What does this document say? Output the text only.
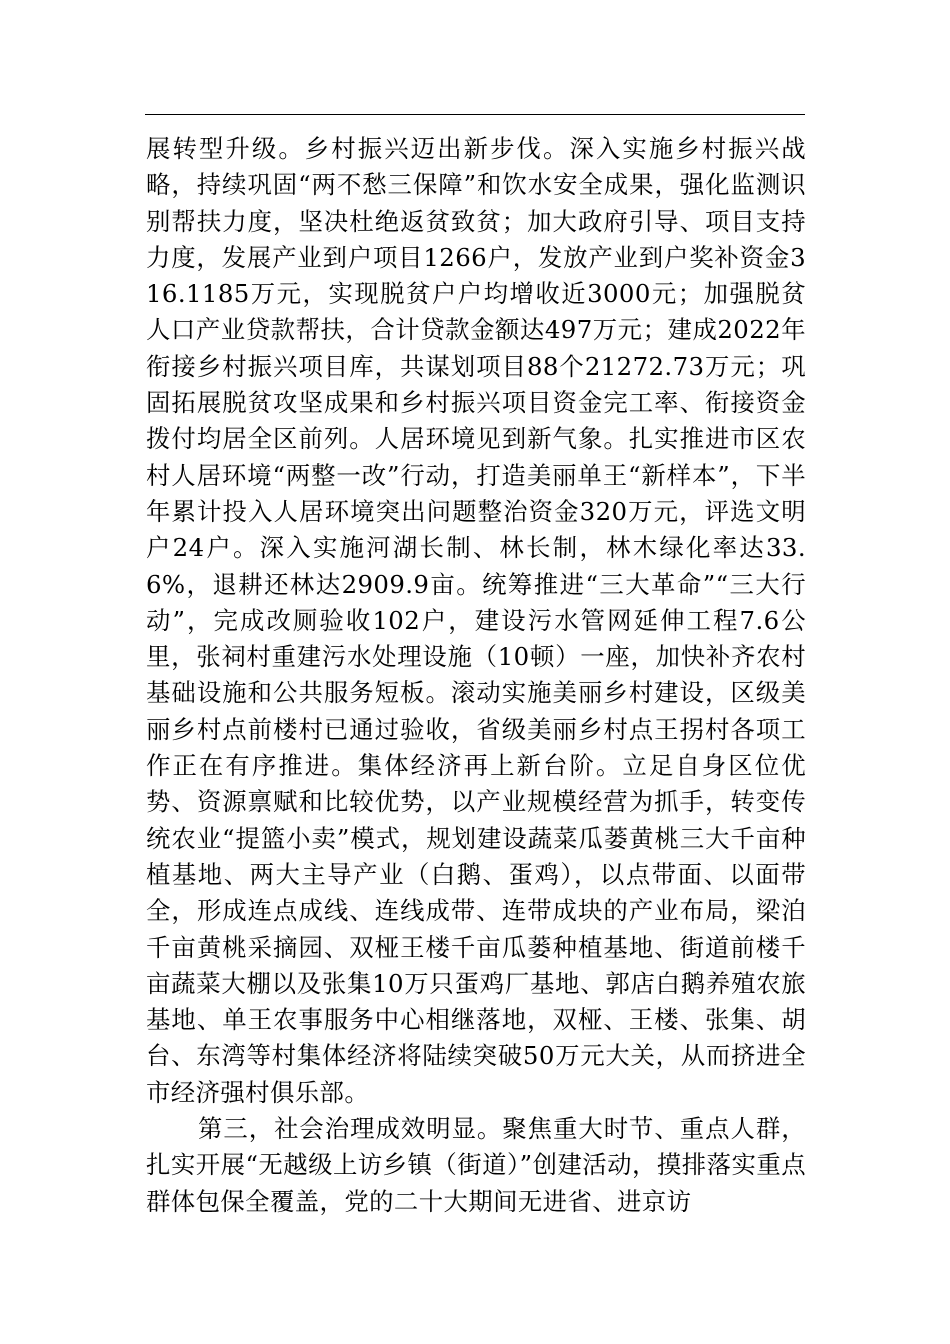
展转型升级。乡村振兴迈出新步伐。深入实施乡村振兴战略，持续巩固“两不愁三保障”和饮水安全成果，强化监测识别帮扶力度，坚决杜绝返贫致贫；加大政府引导、项目支持力度，发展产业到户项目1266户，发放产业到户奖补资金316.1185万元，实现脱贫户户均增收近3000元；加强脱贫人口产业贷款帮扶，合计贷款金额达497万元；建成2022年衔接乡村振兴项目库，共谋划项目88个21272.73万元；巩固拓展脱贫攻坚成果和乡村振兴项目资金完工率、衔接资金拨付均居全区前列。人居环境见到新气象。扎实推进市区农村人居环境“两整一改”行动，打造美丽单王“新样本”，下半年累计投入人居环境突出问题整治资金320万元，评选文明户24户。深入实施河湖长制、林长制，林木绿化率达33.6%，退耕还林达2909.9亩。统筹推进“三大革命”“三大行动”，完成改厕验收102户，建设污水管网延伸工程7.6公里，张祠村重建污水处理设施（10顿）一座，加快补齐农村基础设施和公共服务短板。滚动实施美丽乡村建设，区级美丽乡村点前楼村已通过验收，省级美丽乡村点王拐村各项工作正在有序推进。集体经济再上新台阶。立足自身区位优势、资源禀赋和比较优势，以产业规模经营为抓手，转变传统农业“提篮小卖”模式，规划建设蔬菜瓜蒌黄桃三大千亩种植基地、两大主导产业（白鹅、蛋鸡），以点带面、以面带全，形成连点成线、连线成带、连带成块的产业布局，梁泊千亩黄桃采摘园、双桠王楼千亩瓜蒌种植基地、街道前楼千亩蔬菜大棚以及张集10万只蛋鸡厂基地、郭店白鹅养殖农旅基地、单王农事服务中心相继落地，双桠、王楼、张集、胡台、东湾等村集体经济将陆续突破50万元大关，从而挤进全市经济强村俱乐部。

第三，社会治理成效明显。聚焦重大时节、重点人群，扎实开展“无越级上访乡镇（街道）”创建活动，摸排落实重点群体包保全覆盖，党的二十大期间无进省、进京访
